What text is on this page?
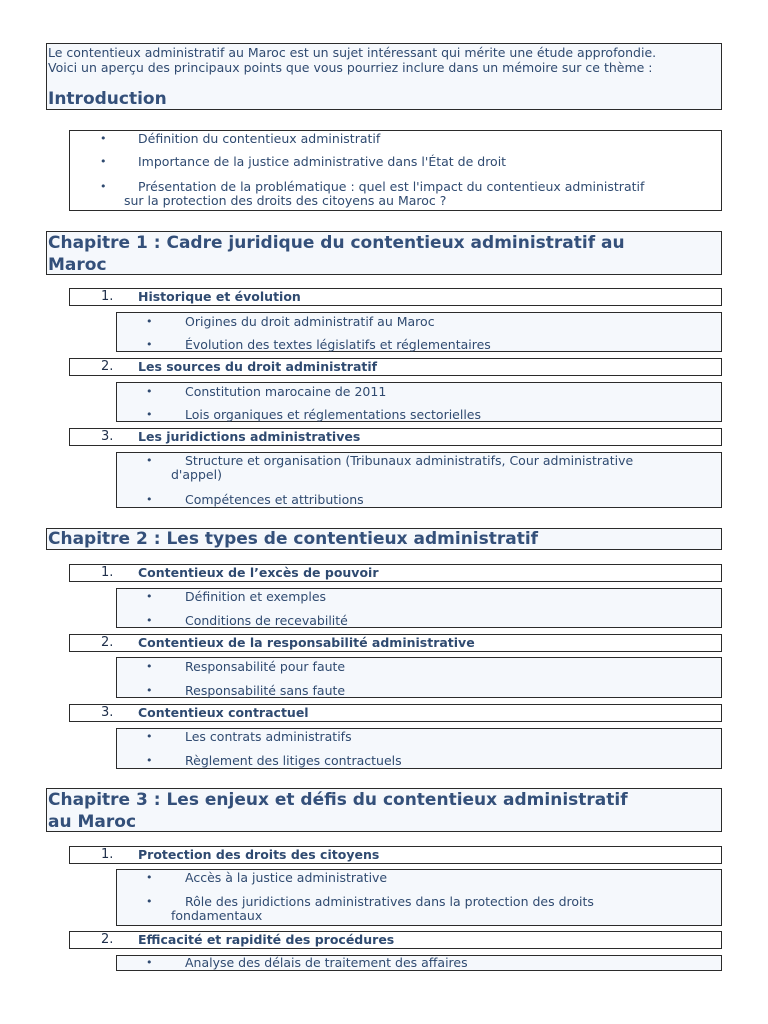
Le contentieux administratif au Maroc est un sujet intéressant qui mérite une étude approfondie.
Voici un aperçu des principaux points que vous pourriez inclure dans un mémoire sur ce thème :
Introduction
•	Définition du contentieux administratif
•	Importance de la justice administrative dans l'État de droit
•	Présentation de la problématique : quel est l'impact du contentieux administratif
sur la protection des droits des citoyens au Maroc ?
Chapitre 1 : Cadre juridique du contentieux administratif au
Maroc
1. Historique et évolution
•	Origines du droit administratif au Maroc
•	Évolution des textes législatifs et réglementaires
2. Les sources du droit administratif
•	Constitution marocaine de 2011
•	Lois organiques et réglementations sectorielles
3. Les juridictions administratives
•	Structure et organisation (Tribunaux administratifs, Cour administrative
d'appel)
•	Compétences et attributions
Chapitre 2 : Les types de contentieux administratif
1. Contentieux de l’excès de pouvoir
•	Définition et exemples
•	Conditions de recevabilité
2. Contentieux de la responsabilité administrative
•	Responsabilité pour faute
•	Responsabilité sans faute
3. Contentieux contractuel
•	Les contrats administratifs
•	Règlement des litiges contractuels
Chapitre 3 : Les enjeux et défis du contentieux administratif
au Maroc
1. Protection des droits des citoyens
•	Accès à la justice administrative
•	Rôle des juridictions administratives dans la protection des droits
fondamentaux
2. Efficacité et rapidité des procédures
•	Analyse des délais de traitement des affaires
